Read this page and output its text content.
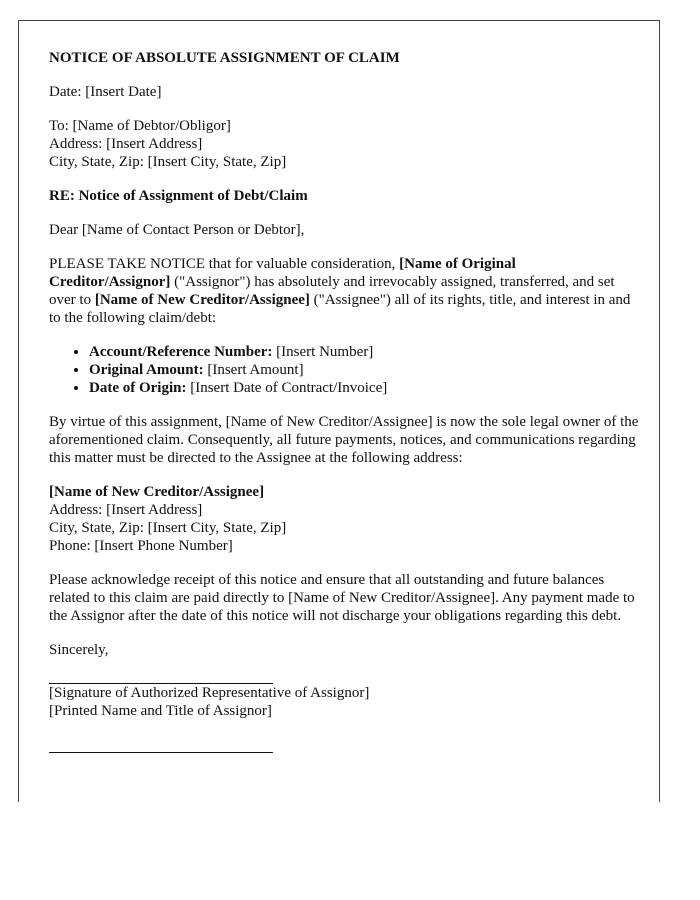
NOTICE OF ABSOLUTE ASSIGNMENT OF CLAIM

Date: [Insert Date]

To: [Name of Debtor/Obligor]
Address: [Insert Address]
City, State, Zip: [Insert City, State, Zip]

RE: Notice of Assignment of Debt/Claim

Dear [Name of Contact Person or Debtor],

PLEASE TAKE NOTICE that for valuable consideration, [Name of Original Creditor/Assignor] ("Assignor") has absolutely and irrevocably assigned, transferred, and set over to [Name of New Creditor/Assignee] ("Assignee") all of its rights, title, and interest in and to the following claim/debt:

• Account/Reference Number: [Insert Number]
• Original Amount: [Insert Amount]
• Date of Origin: [Insert Date of Contract/Invoice]

By virtue of this assignment, [Name of New Creditor/Assignee] is now the sole legal owner of the aforementioned claim. Consequently, all future payments, notices, and communications regarding this matter must be directed to the Assignee at the following address:

[Name of New Creditor/Assignee]
Address: [Insert Address]
City, State, Zip: [Insert City, State, Zip]
Phone: [Insert Phone Number]

Please acknowledge receipt of this notice and ensure that all outstanding and future balances related to this claim are paid directly to [Name of New Creditor/Assignee]. Any payment made to the Assignor after the date of this notice will not discharge your obligations regarding this debt.

Sincerely,

[Signature of Authorized Representative of Assignor]
[Printed Name and Title of Assignor]
